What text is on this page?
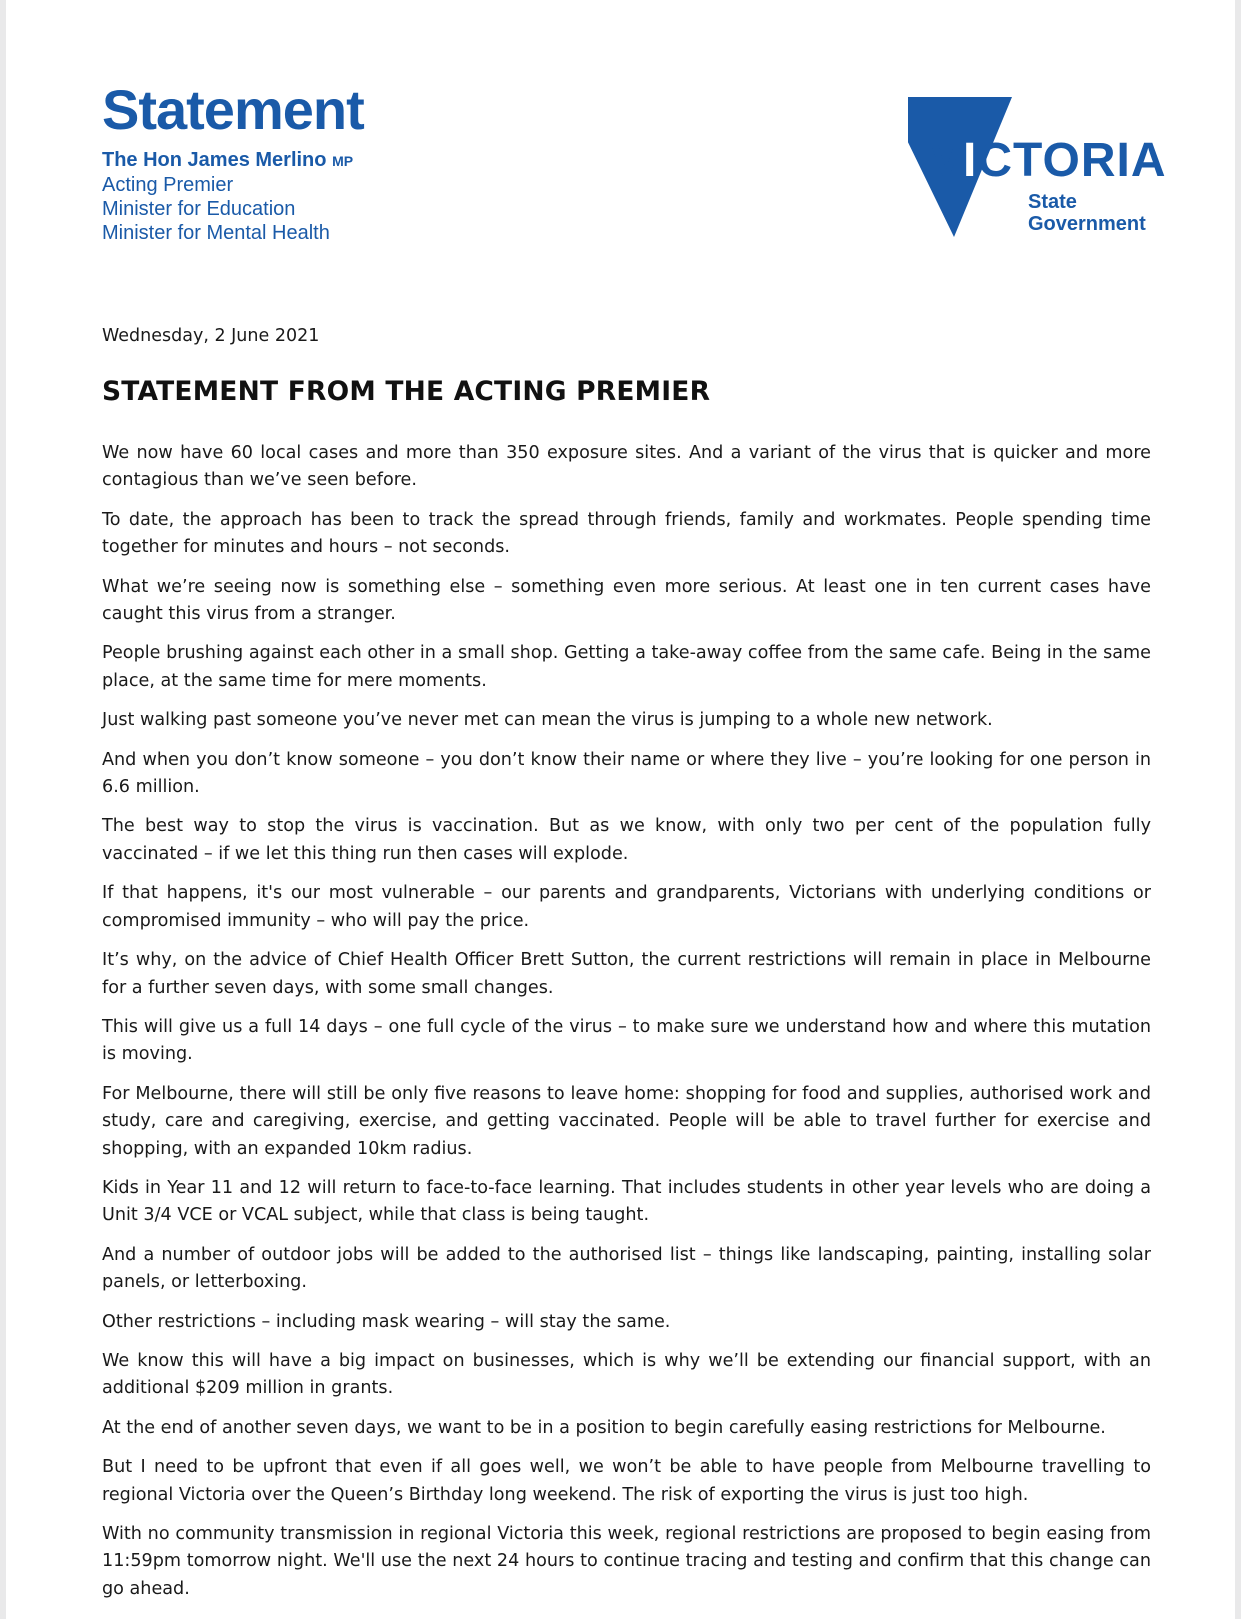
Statement
The Hon James Merlino MP
Acting Premier
Minister for Education
Minister for Mental Health
VICTORIA
State
Government
Wednesday, 2 June 2021
STATEMENT FROM THE ACTING PREMIER

We now have 60 local cases and more than 350 exposure sites. And a variant of the virus that is quicker and more contagious than we’ve seen before.

To date, the approach has been to track the spread through friends, family and workmates. People spending time together for minutes and hours – not seconds.

What we’re seeing now is something else – something even more serious. At least one in ten current cases have caught this virus from a stranger.

People brushing against each other in a small shop. Getting a take-away coffee from the same cafe. Being in the same place, at the same time for mere moments.

Just walking past someone you’ve never met can mean the virus is jumping to a whole new network.

And when you don’t know someone – you don’t know their name or where they live – you’re looking for one person in 6.6 million.

The best way to stop the virus is vaccination. But as we know, with only two per cent of the population fully vaccinated – if we let this thing run then cases will explode.

If that happens, it's our most vulnerable – our parents and grandparents, Victorians with underlying conditions or compromised immunity – who will pay the price.

It’s why, on the advice of Chief Health Officer Brett Sutton, the current restrictions will remain in place in Melbourne for a further seven days, with some small changes.

This will give us a full 14 days – one full cycle of the virus – to make sure we understand how and where this mutation is moving.

For Melbourne, there will still be only five reasons to leave home: shopping for food and supplies, authorised work and study, care and caregiving, exercise, and getting vaccinated. People will be able to travel further for exercise and shopping, with an expanded 10km radius.

Kids in Year 11 and 12 will return to face-to-face learning. That includes students in other year levels who are doing a Unit 3/4 VCE or VCAL subject, while that class is being taught.

And a number of outdoor jobs will be added to the authorised list – things like landscaping, painting, installing solar panels, or letterboxing.

Other restrictions – including mask wearing – will stay the same.

We know this will have a big impact on businesses, which is why we’ll be extending our financial support, with an additional $209 million in grants.

At the end of another seven days, we want to be in a position to begin carefully easing restrictions for Melbourne.

But I need to be upfront that even if all goes well, we won’t be able to have people from Melbourne travelling to regional Victoria over the Queen’s Birthday long weekend. The risk of exporting the virus is just too high.

With no community transmission in regional Victoria this week, regional restrictions are proposed to begin easing from 11:59pm tomorrow night. We'll use the next 24 hours to continue tracing and testing and confirm that this change can go ahead.
